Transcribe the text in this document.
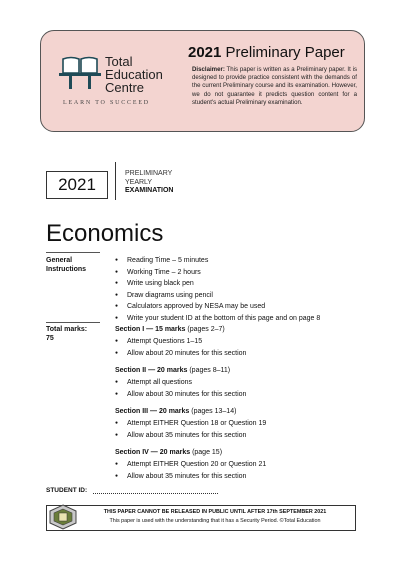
Total
Education
Centre
LEARN TO SUCCEED
2021 Preliminary Paper
Disclaimer: This paper is written as a Preliminary paper. It is designed to provide practice consistent with the demands of the current Preliminary course and its examination. However, we do not guarantee it predicts question content for a student's actual Preliminary examination.
2021
PRELIMINARY
YEARLY
EXAMINATION
Economics
General
Instructions
● Reading Time – 5 minutes
● Working Time – 2 hours
● Write using black pen
● Draw diagrams using pencil
● Calculators approved by NESA may be used
● Write your student ID at the bottom of this page and on page 8
Total marks:
75
Section I — 15 marks (pages 2–7)
● Attempt Questions 1–15
● Allow about 20 minutes for this section
Section II — 20 marks (pages 8–11)
● Attempt all questions
● Allow about 30 minutes for this section
Section III — 20 marks (pages 13–14)
● Attempt EITHER Question 18 or Question 19
● Allow about 35 minutes for this section
Section IV — 20 marks (page 15)
● Attempt EITHER Question 20 or Question 21
● Allow about 35 minutes for this section
STUDENT ID:
THIS PAPER CANNOT BE RELEASED IN PUBLIC UNTIL AFTER 17th SEPTEMBER 2021
This paper is used with the understanding that it has a Security Period. ©Total Education
